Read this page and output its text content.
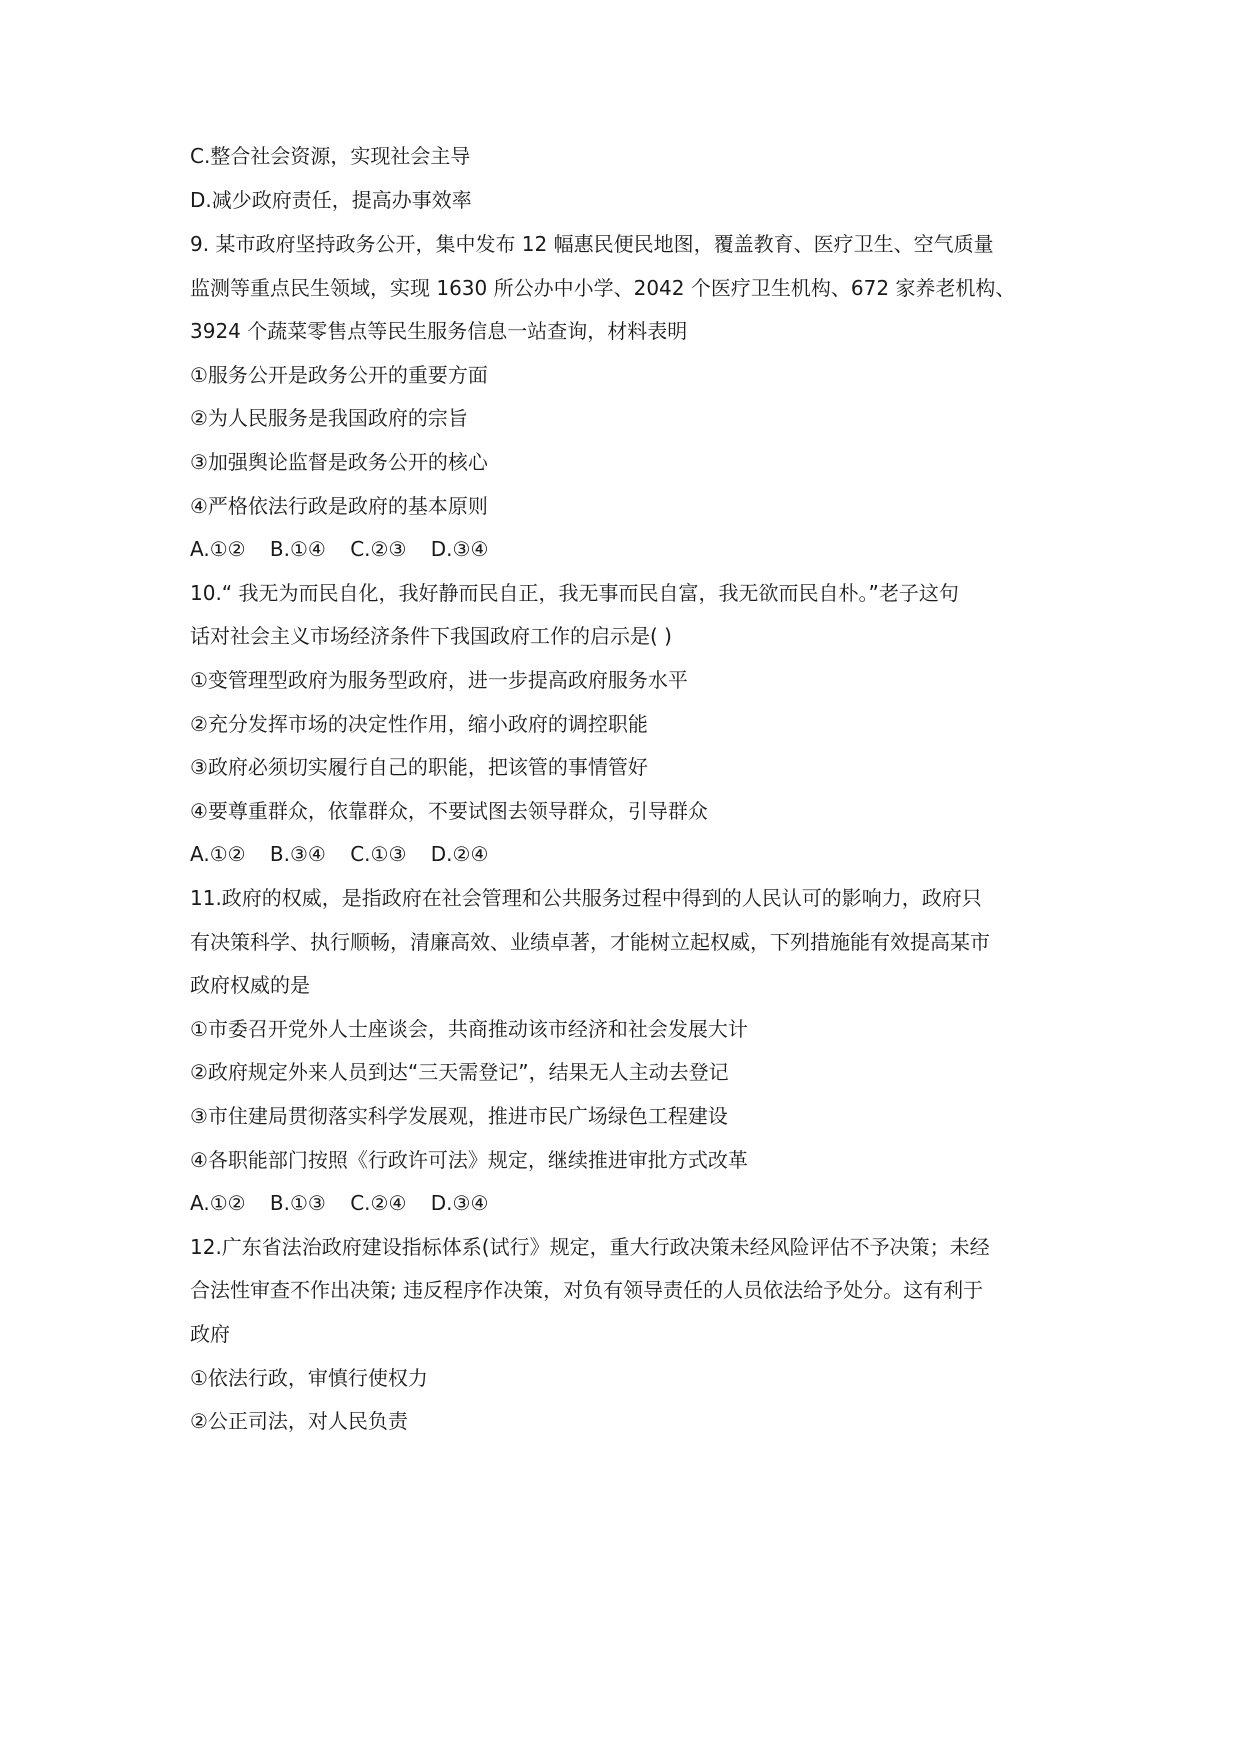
C.整合社会资源，实现社会主导
D.减少政府责任，提高办事效率
9. 某市政府坚持政务公开，集中发布 12 幅惠民便民地图，覆盖教育、医疗卫生、空气质量
监测等重点民生领域，实现 1630 所公办中小学、2042 个医疗卫生机构、672 家养老机构、
3924 个蔬菜零售点等民生服务信息一站查询，材料表明
①服务公开是政务公开的重要方面
②为人民服务是我国政府的宗旨
③加强舆论监督是政务公开的核心
④严格依法行政是政府的基本原则
A.①② B.①④ C.②③ D.③④
10.“ 我无为而民自化，我好静而民自正，我无事而民自富，我无欲而民自朴。”老子这句
话对社会主义市场经济条件下我国政府工作的启示是( )
①变管理型政府为服务型政府，进一步提高政府服务水平
②充分发挥市场的决定性作用，缩小政府的调控职能
③政府必须切实履行自己的职能，把该管的事情管好
④要尊重群众，依靠群众，不要试图去领导群众，引导群众
A.①② B.③④ C.①③ D.②④
11.政府的权威，是指政府在社会管理和公共服务过程中得到的人民认可的影响力，政府只
有决策科学、执行顺畅，清廉高效、业绩卓著，才能树立起权威，下列措施能有效提高某市
政府权威的是
①市委召开党外人士座谈会，共商推动该市经济和社会发展大计
②政府规定外来人员到达“三天需登记”，结果无人主动去登记
③市住建局贯彻落实科学发展观，推进市民广场绿色工程建设
④各职能部门按照《行政许可法》规定，继续推进审批方式改革
A.①② B.①③ C.②④ D.③④
12.广东省法治政府建设指标体系(试行》规定，重大行政决策未经风险评估不予决策；未经
合法性审查不作出决策; 违反程序作决策，对负有领导责任的人员依法给予处分。这有利于
政府
①依法行政，审慎行使权力
②公正司法，对人民负责
